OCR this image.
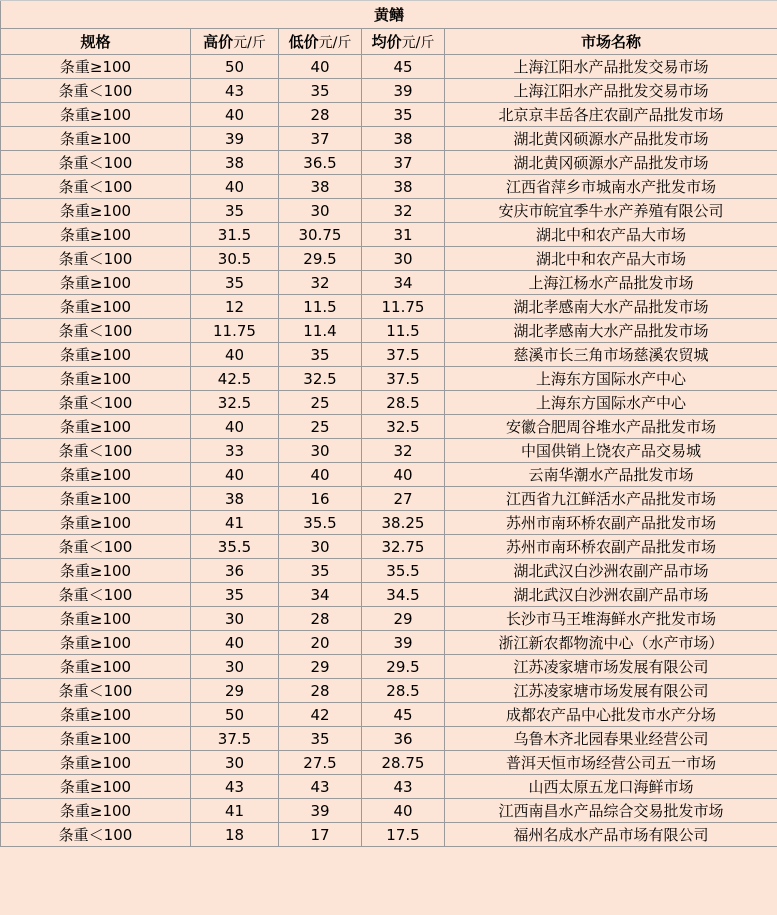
黄鳝				
规格	高价元/斤	低价元/斤	均价元/斤	市场名称
条重≥100	50	40	45	上海江阳水产品批发交易市场
条重＜100	43	35	39	上海江阳水产品批发交易市场
条重≥100	40	28	35	北京京丰岳各庄农副产品批发市场
条重≥100	39	37	38	湖北黄冈硕源水产品批发市场
条重＜100	38	36.5	37	湖北黄冈硕源水产品批发市场
条重＜100	40	38	38	江西省萍乡市城南水产批发市场
条重≥100	35	30	32	安庆市皖宜季牛水产养殖有限公司
条重≥100	31.5	30.75	31	湖北中和农产品大市场
条重＜100	30.5	29.5	30	湖北中和农产品大市场
条重≥100	35	32	34	上海江杨水产品批发市场
条重≥100	12	11.5	11.75	湖北孝感南大水产品批发市场
条重＜100	11.75	11.4	11.5	湖北孝感南大水产品批发市场
条重≥100	40	35	37.5	慈溪市长三角市场慈溪农贸城
条重≥100	42.5	32.5	37.5	上海东方国际水产中心
条重＜100	32.5	25	28.5	上海东方国际水产中心
条重≥100	40	25	32.5	安徽合肥周谷堆水产品批发市场
条重＜100	33	30	32	中国供销上饶农产品交易城
条重≥100	40	40	40	云南华潮水产品批发市场
条重≥100	38	16	27	江西省九江鲜活水产品批发市场
条重≥100	41	35.5	38.25	苏州市南环桥农副产品批发市场
条重＜100	35.5	30	32.75	苏州市南环桥农副产品批发市场
条重≥100	36	35	35.5	湖北武汉白沙洲农副产品市场
条重＜100	35	34	34.5	湖北武汉白沙洲农副产品市场
条重≥100	30	28	29	长沙市马王堆海鲜水产批发市场
条重≥100	40	20	39	浙江新农都物流中心（水产市场）
条重≥100	30	29	29.5	江苏凌家塘市场发展有限公司
条重＜100	29	28	28.5	江苏凌家塘市场发展有限公司
条重≥100	50	42	45	成都农产品中心批发市水产分场
条重≥100	37.5	35	36	乌鲁木齐北园春果业经营公司
条重≥100	30	27.5	28.75	普洱天恒市场经营公司五一市场
条重≥100	43	43	43	山西太原五龙口海鲜市场
条重≥100	41	39	40	江西南昌水产品综合交易批发市场
条重＜100	18	17	17.5	福州名成水产品市场有限公司
